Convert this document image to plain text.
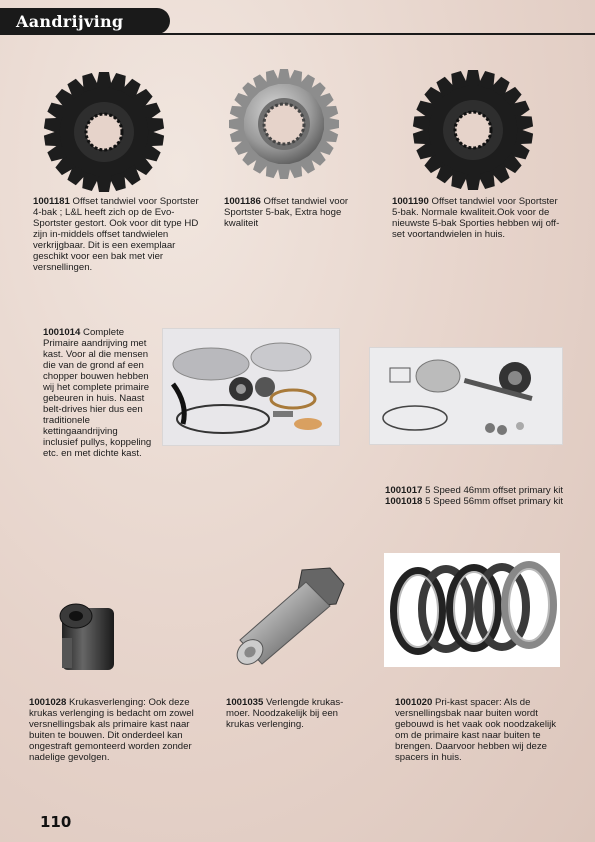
Aandrijving
1001181 Offset tandwiel voor Sportster 4-bak ; L&L heeft zich op de Evo-Sportster gestort. Ook voor dit type HD zijn in-middels offset tandwielen verkrijgbaar. Dit is een exemplaar geschikt voor een bak met vier versnellingen.
1001186 Offset tandwiel voor Sportster 5-bak, Extra hoge kwaliteit
1001190 Offset tandwiel voor Sportster 5-bak. Normale kwaliteit.Ook voor de nieuwste 5-bak Sporties hebben wij off-set voortandwielen in huis.
1001014 Complete Primaire aandrijving met kast. Voor al die mensen die van de grond af een chopper bouwen hebben wij het complete primaire gebeuren in huis. Naast belt-drives hier dus een traditionele kettingaandrijving inclusief pullys, koppeling etc. en met dichte kast.
1001017 5 Speed 46mm offset primary kit
1001018 5 Speed 56mm offset primary kit
1001028 Krukasverlenging: Ook deze krukas verlenging is bedacht om zowel versnellingsbak als primaire kast naar buiten te bouwen. Dit onderdeel kan ongestraft gemonteerd worden zonder nadelige gevolgen.
1001035 Verlengde krukas-moer. Noodzakelijk bij een krukas verlenging.
1001020 Pri-kast spacer: Als de versnellingsbak naar buiten wordt gebouwd is het vaak ook noodzakelijk om de primaire kast naar buiten te brengen. Daarvoor hebben wij deze spacers in huis.
110
